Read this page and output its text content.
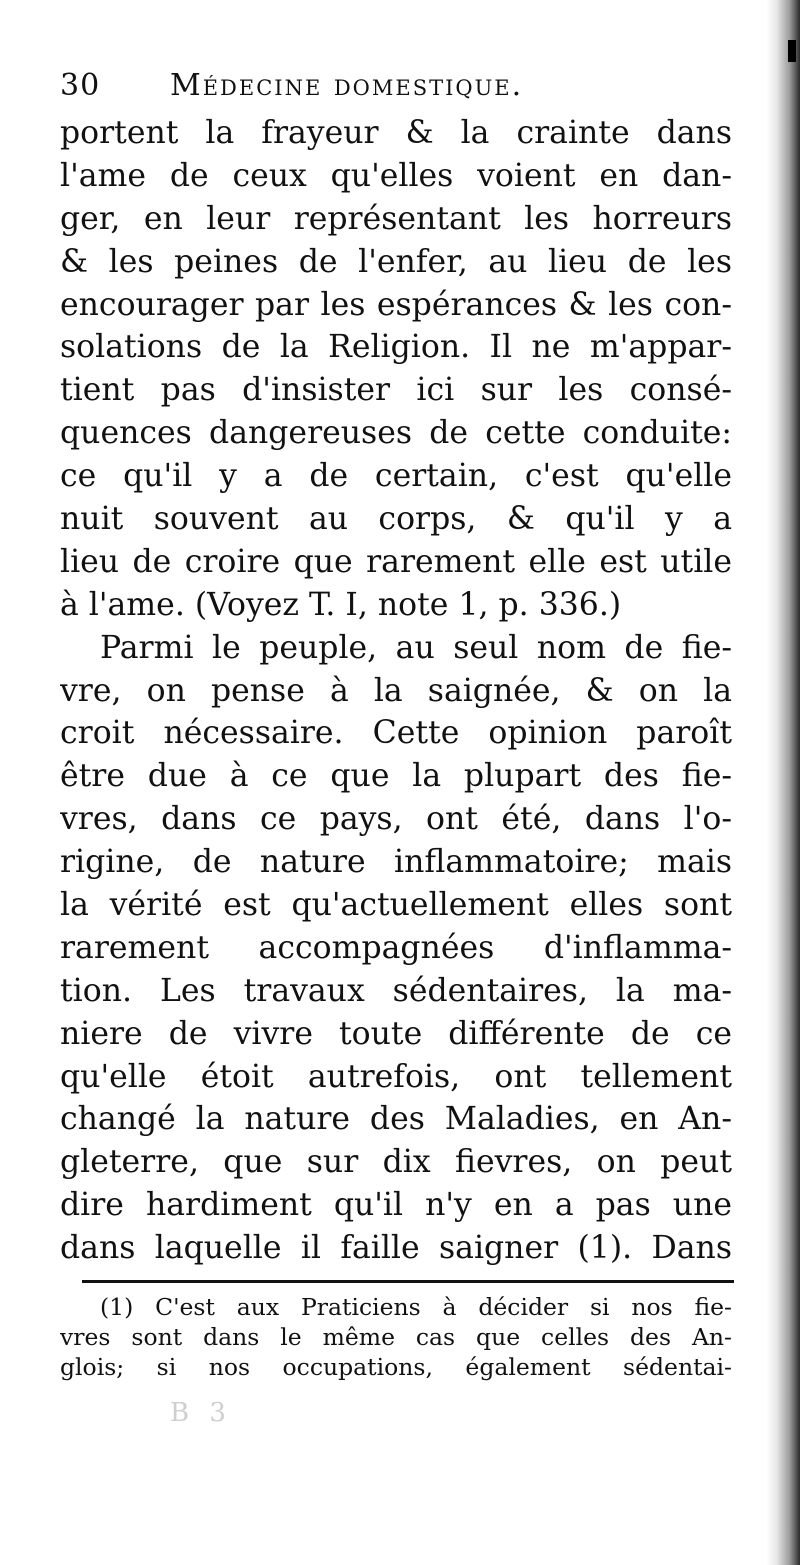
30 Médecine domestique.
portent la frayeur & la crainte dans
l'ame de ceux qu'elles voient en dan-
ger, en leur représentant les horreurs
& les peines de l'enfer, au lieu de les
encourager par les espérances & les con-
solations de la Religion. Il ne m'appar-
tient pas d'insister ici sur les consé-
quences dangereuses de cette conduite:
ce qu'il y a de certain, c'est qu'elle
nuit souvent au corps, & qu'il y a
lieu de croire que rarement elle est utile
à l'ame. (Voyez T. I, note 1, p. 336.)
Parmi le peuple, au seul nom de fie-
vre, on pense à la saignée, & on la
croit nécessaire. Cette opinion paroît
être due à ce que la plupart des fie-
vres, dans ce pays, ont été, dans l'o-
rigine, de nature inflammatoire; mais
la vérité est qu'actuellement elles sont
rarement accompagnées d'inflamma-
tion. Les travaux sédentaires, la ma-
niere de vivre toute différente de ce
qu'elle étoit autrefois, ont tellement
changé la nature des Maladies, en An-
gleterre, que sur dix fievres, on peut
dire hardiment qu'il n'y en a pas une
dans laquelle il faille saigner (1). Dans
(1) C'est aux Praticiens à décider si nos fie-
vres sont dans le même cas que celles des An-
glois; si nos occupations, également sédentai-
B 3
